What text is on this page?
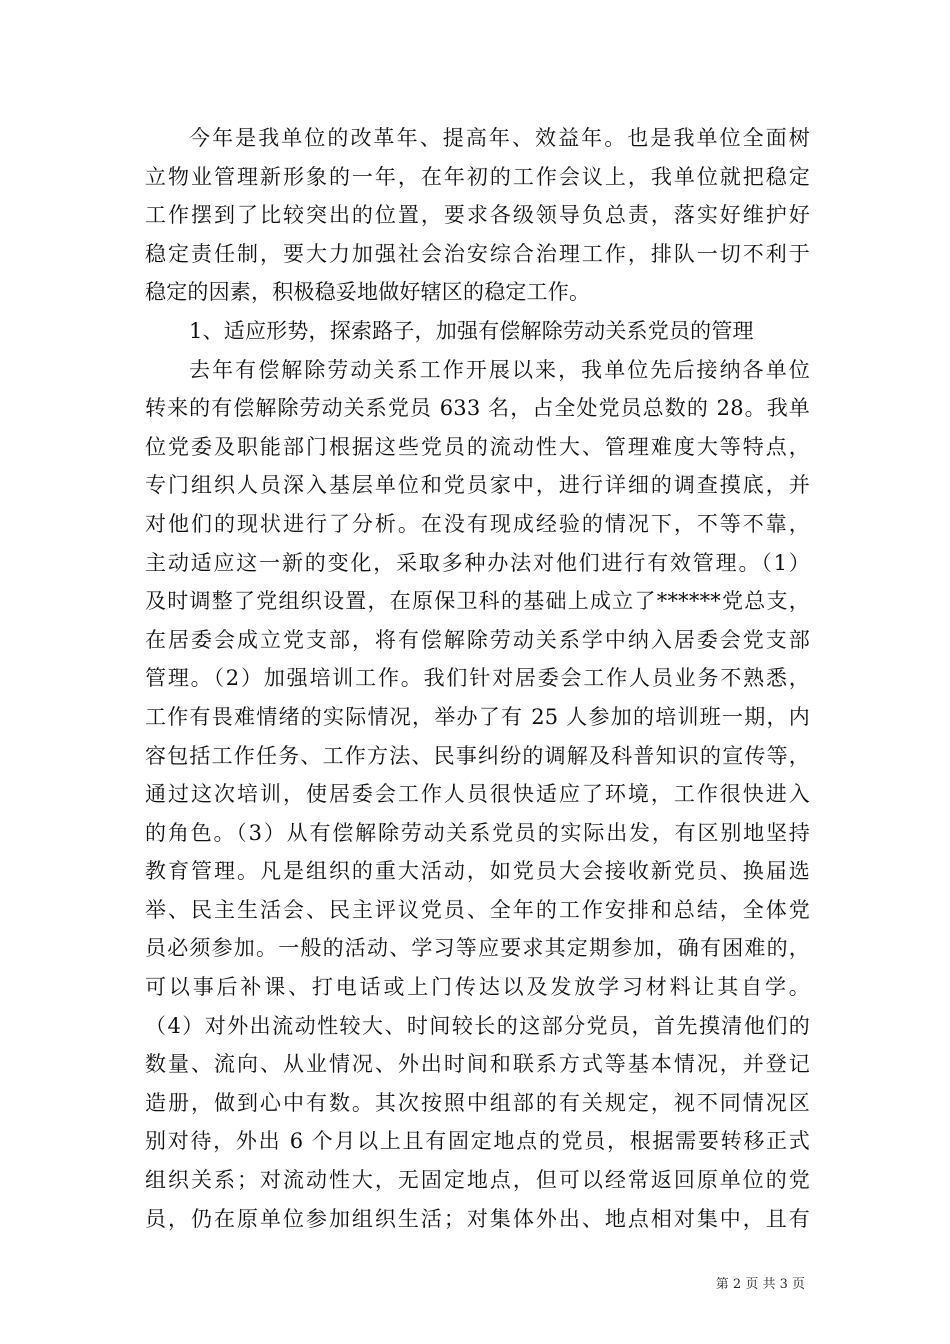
今年是我单位的改革年、提高年、效益年。也是我单位全面树
立物业管理新形象的一年，在年初的工作会议上，我单位就把稳定
工作摆到了比较突出的位置，要求各级领导负总责，落实好维护好
稳定责任制，要大力加强社会治安综合治理工作，排队一切不利于
稳定的因素，积极稳妥地做好辖区的稳定工作。
1、适应形势，探索路子，加强有偿解除劳动关系党员的管理
去年有偿解除劳动关系工作开展以来，我单位先后接纳各单位
转来的有偿解除劳动关系党员 633 名，占全处党员总数的 28。我单
位党委及职能部门根据这些党员的流动性大、管理难度大等特点，
专门组织人员深入基层单位和党员家中，进行详细的调查摸底，并
对他们的现状进行了分析。在没有现成经验的情况下，不等不靠，
主动适应这一新的变化，采取多种办法对他们进行有效管理。（1）
及时调整了党组织设置，在原保卫科的基础上成立了******党总支，
在居委会成立党支部，将有偿解除劳动关系学中纳入居委会党支部
管理。（2）加强培训工作。我们针对居委会工作人员业务不熟悉，
工作有畏难情绪的实际情况，举办了有 25 人参加的培训班一期，内
容包括工作任务、工作方法、民事纠纷的调解及科普知识的宣传等，
通过这次培训，使居委会工作人员很快适应了环境，工作很快进入
的角色。（3）从有偿解除劳动关系党员的实际出发，有区别地坚持
教育管理。凡是组织的重大活动，如党员大会接收新党员、换届选
举、民主生活会、民主评议党员、全年的工作安排和总结，全体党
员必须参加。一般的活动、学习等应要求其定期参加，确有困难的，
可以事后补课、打电话或上门传达以及发放学习材料让其自学。
（4）对外出流动性较大、时间较长的这部分党员，首先摸清他们的
数量、流向、从业情况、外出时间和联系方式等基本情况，并登记
造册，做到心中有数。其次按照中组部的有关规定，视不同情况区
别对待，外出 6 个月以上且有固定地点的党员，根据需要转移正式
组织关系；对流动性大，无固定地点，但可以经常返回原单位的党
员，仍在原单位参加组织生活；对集体外出、地点相对集中，且有
第 2 页 共 3 页
